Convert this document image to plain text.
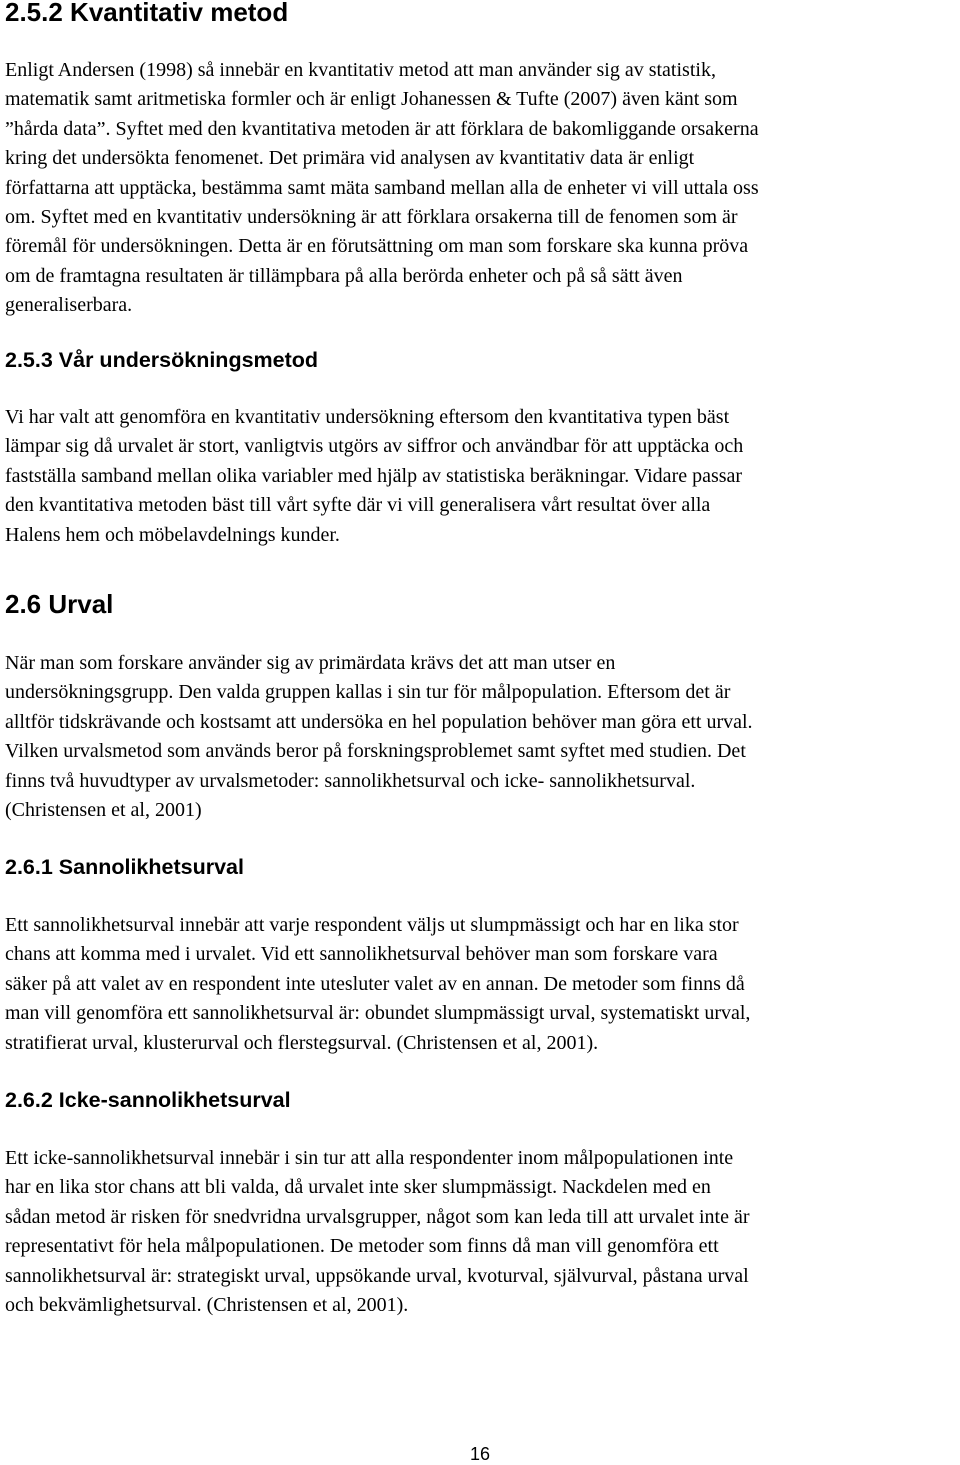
2.5.2 Kvantitativ metod
Enligt Andersen (1998) så innebär en kvantitativ metod att man använder sig av statistik,
matematik samt aritmetiska formler och är enligt Johanessen & Tufte (2007) även känt som
”hårda data”. Syftet med den kvantitativa metoden är att förklara de bakomliggande orsakerna
kring det undersökta fenomenet. Det primära vid analysen av kvantitativ data är enligt
författarna att upptäcka, bestämma samt mäta samband mellan alla de enheter vi vill uttala oss
om. Syftet med en kvantitativ undersökning är att förklara orsakerna till de fenomen som är
föremål för undersökningen. Detta är en förutsättning om man som forskare ska kunna pröva
om de framtagna resultaten är tillämpbara på alla berörda enheter och på så sätt även
generaliserbara.
2.5.3 Vår undersökningsmetod
Vi har valt att genomföra en kvantitativ undersökning eftersom den kvantitativa typen bäst
lämpar sig då urvalet är stort, vanligtvis utgörs av siffror och användbar för att upptäcka och
fastställa samband mellan olika variabler med hjälp av statistiska beräkningar. Vidare passar
den kvantitativa metoden bäst till vårt syfte där vi vill generalisera vårt resultat över alla
Halens hem och möbelavdelnings kunder.
2.6 Urval
När man som forskare använder sig av primärdata krävs det att man utser en
undersökningsgrupp. Den valda gruppen kallas i sin tur för målpopulation. Eftersom det är
alltför tidskrävande och kostsamt att undersöka en hel population behöver man göra ett urval.
Vilken urvalsmetod som används beror på forskningsproblemet samt syftet med studien. Det
finns två huvudtyper av urvalsmetoder: sannolikhetsurval och icke- sannolikhetsurval.
(Christensen et al, 2001)
2.6.1 Sannolikhetsurval
Ett sannolikhetsurval innebär att varje respondent väljs ut slumpmässigt och har en lika stor
chans att komma med i urvalet. Vid ett sannolikhetsurval behöver man som forskare vara
säker på att valet av en respondent inte utesluter valet av en annan. De metoder som finns då
man vill genomföra ett sannolikhetsurval är: obundet slumpmässigt urval, systematiskt urval,
stratifierat urval, klusterurval och flerstegsurval. (Christensen et al, 2001).
2.6.2 Icke-sannolikhetsurval
Ett icke-sannolikhetsurval innebär i sin tur att alla respondenter inom målpopulationen inte
har en lika stor chans att bli valda, då urvalet inte sker slumpmässigt. Nackdelen med en
sådan metod är risken för snedvridna urvalsgrupper, något som kan leda till att urvalet inte är
representativt för hela målpopulationen. De metoder som finns då man vill genomföra ett
sannolikhetsurval är: strategiskt urval, uppsökande urval, kvoturval, självurval, påstana urval
och bekvämlighetsurval. (Christensen et al, 2001).
16
